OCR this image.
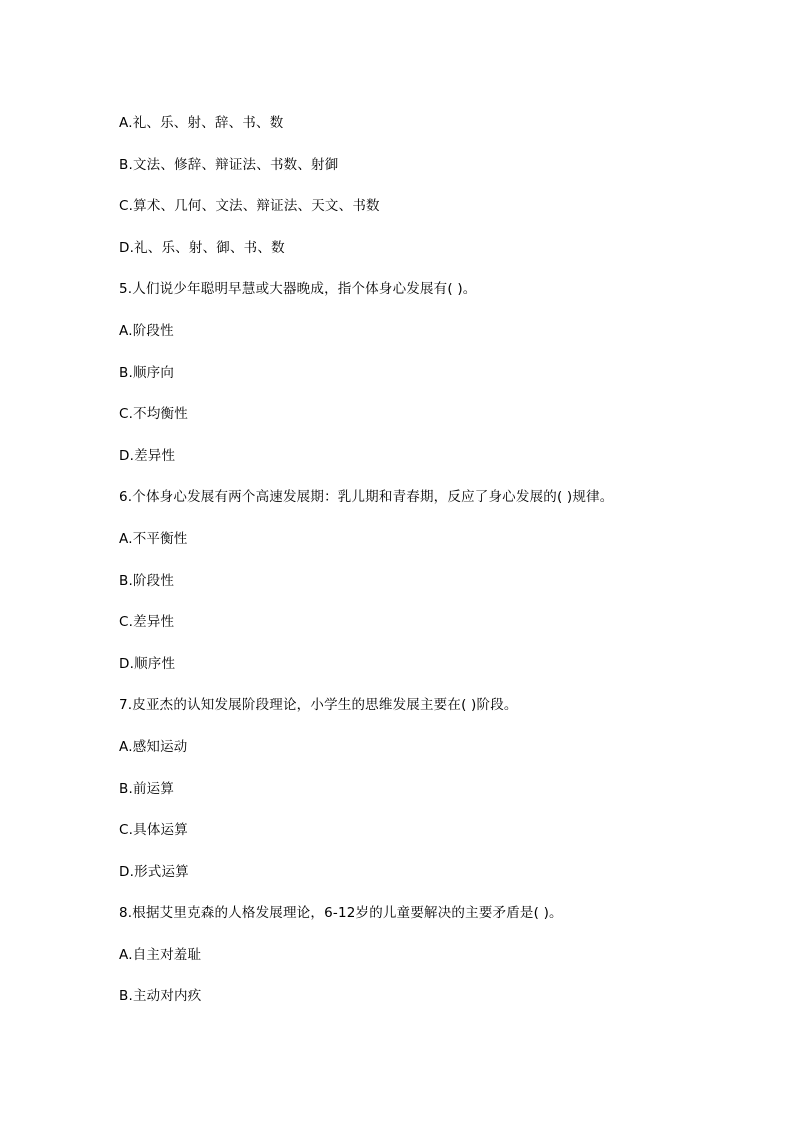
A.礼、乐、射、辞、书、数
B.文法、修辞、辩证法、书数、射御
C.算术、几何、文法、辩证法、天文、书数
D.礼、乐、射、御、书、数
5.人们说少年聪明早慧或大器晚成，指个体身心发展有( )。
A.阶段性
B.顺序向
C.不均衡性
D.差异性
6.个体身心发展有两个高速发展期：乳儿期和青春期，反应了身心发展的( )规律。
A.不平衡性
B.阶段性
C.差异性
D.顺序性
7.皮亚杰的认知发展阶段理论，小学生的思维发展主要在( )阶段。
A.感知运动
B.前运算
C.具体运算
D.形式运算
8.根据艾里克森的人格发展理论，6-12岁的儿童要解决的主要矛盾是( )。
A.自主对羞耻
B.主动对内疚
